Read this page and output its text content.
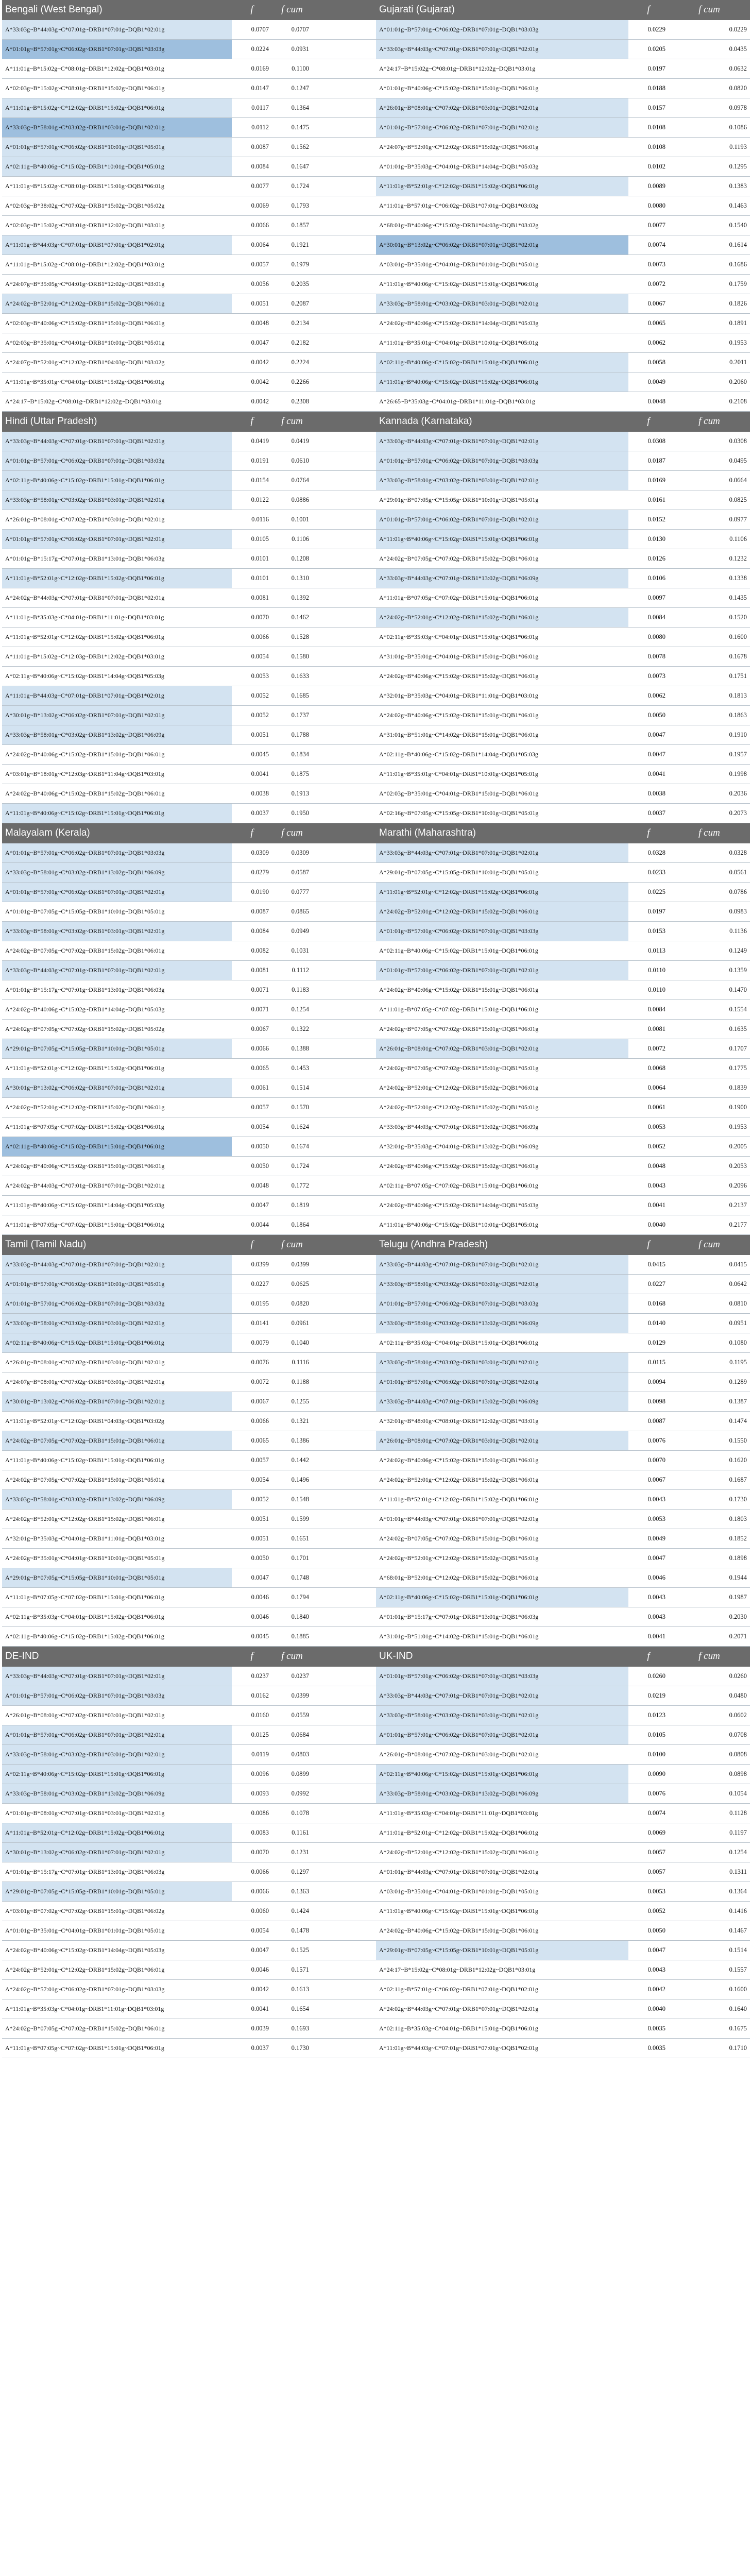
Bengali (West Bengal)	f	f cum		Gujarati (Gujarat)	f	f cum
A*33:03g~B*44:03g~C*07:01g~DRB1*07:01g~DQB1*02:01g	0.0707	0.0707		A*01:01g~B*57:01g~C*06:02g~DRB1*07:01g~DQB1*03:03g	0.0229	0.0229
A*01:01g~B*57:01g~C*06:02g~DRB1*07:01g~DQB1*03:03g	0.0224	0.0931		A*33:03g~B*44:03g~C*07:01g~DRB1*07:01g~DQB1*02:01g	0.0205	0.0435
A*11:01g~B*15:02g~C*08:01g~DRB1*12:02g~DQB1*03:01g	0.0169	0.1100		A*24:17~B*15:02g~C*08:01g~DRB1*12:02g~DQB1*03:01g	0.0197	0.0632
A*02:03g~B*15:02g~C*08:01g~DRB1*15:02g~DQB1*06:01g	0.0147	0.1247		A*01:01g~B*40:06g~C*15:02g~DRB1*15:01g~DQB1*06:01g	0.0188	0.0820
A*11:01g~B*15:02g~C*12:02g~DRB1*15:02g~DQB1*06:01g	0.0117	0.1364		A*26:01g~B*08:01g~C*07:02g~DRB1*03:01g~DQB1*02:01g	0.0157	0.0978
A*33:03g~B*58:01g~C*03:02g~DRB1*03:01g~DQB1*02:01g	0.0112	0.1475		A*01:01g~B*57:01g~C*06:02g~DRB1*07:01g~DQB1*02:01g	0.0108	0.1086
A*01:01g~B*57:01g~C*06:02g~DRB1*10:01g~DQB1*05:01g	0.0087	0.1562		A*24:07g~B*52:01g~C*12:02g~DRB1*15:02g~DQB1*06:01g	0.0108	0.1193
A*02:11g~B*40:06g~C*15:02g~DRB1*10:01g~DQB1*05:01g	0.0084	0.1647		A*01:01g~B*35:03g~C*04:01g~DRB1*14:04g~DQB1*05:03g	0.0102	0.1295
A*11:01g~B*15:02g~C*08:01g~DRB1*15:01g~DQB1*06:01g	0.0077	0.1724		A*11:01g~B*52:01g~C*12:02g~DRB1*15:02g~DQB1*06:01g	0.0089	0.1383
A*02:03g~B*38:02g~C*07:02g~DRB1*15:02g~DQB1*05:02g	0.0069	0.1793		A*11:01g~B*57:01g~C*06:02g~DRB1*07:01g~DQB1*03:03g	0.0080	0.1463
A*02:03g~B*15:02g~C*08:01g~DRB1*12:02g~DQB1*03:01g	0.0066	0.1857		A*68:01g~B*40:06g~C*15:02g~DRB1*04:03g~DQB1*03:02g	0.0077	0.1540
A*11:01g~B*44:03g~C*07:01g~DRB1*07:01g~DQB1*02:01g	0.0064	0.1921		A*30:01g~B*13:02g~C*06:02g~DRB1*07:01g~DQB1*02:01g	0.0074	0.1614
A*11:01g~B*15:02g~C*08:01g~DRB1*12:02g~DQB1*03:01g	0.0057	0.1979		A*03:01g~B*35:01g~C*04:01g~DRB1*01:01g~DQB1*05:01g	0.0073	0.1686
A*24:07g~B*35:05g~C*04:01g~DRB1*12:02g~DQB1*03:01g	0.0056	0.2035		A*11:01g~B*40:06g~C*15:02g~DRB1*15:01g~DQB1*06:01g	0.0072	0.1759
A*24:02g~B*52:01g~C*12:02g~DRB1*15:02g~DQB1*06:01g	0.0051	0.2087		A*33:03g~B*58:01g~C*03:02g~DRB1*03:01g~DQB1*02:01g	0.0067	0.1826
A*02:03g~B*40:06g~C*15:02g~DRB1*15:01g~DQB1*06:01g	0.0048	0.2134		A*24:02g~B*40:06g~C*15:02g~DRB1*14:04g~DQB1*05:03g	0.0065	0.1891
A*02:03g~B*35:01g~C*04:01g~DRB1*10:01g~DQB1*05:01g	0.0047	0.2182		A*11:01g~B*35:01g~C*04:01g~DRB1*10:01g~DQB1*05:01g	0.0062	0.1953
A*24:07g~B*52:01g~C*12:02g~DRB1*04:03g~DQB1*03:02g	0.0042	0.2224		A*02:11g~B*40:06g~C*15:02g~DRB1*15:01g~DQB1*06:01g	0.0058	0.2011
A*11:01g~B*35:01g~C*04:01g~DRB1*15:02g~DQB1*06:01g	0.0042	0.2266		A*11:01g~B*40:06g~C*15:02g~DRB1*15:02g~DQB1*06:01g	0.0049	0.2060
A*24:17~B*15:02g~C*08:01g~DRB1*12:02g~DQB1*03:01g	0.0042	0.2308		A*26:65~B*35:03g~C*04:01g~DRB1*11:01g~DQB1*03:01g	0.0048	0.2108
Hindi (Uttar Pradesh)	f	f cum		Kannada (Karnataka)	f	f cum
A*33:03g~B*44:03g~C*07:01g~DRB1*07:01g~DQB1*02:01g	0.0419	0.0419		A*33:03g~B*44:03g~C*07:01g~DRB1*07:01g~DQB1*02:01g	0.0308	0.0308
A*01:01g~B*57:01g~C*06:02g~DRB1*07:01g~DQB1*03:03g	0.0191	0.0610		A*01:01g~B*57:01g~C*06:02g~DRB1*07:01g~DQB1*03:03g	0.0187	0.0495
A*02:11g~B*40:06g~C*15:02g~DRB1*15:01g~DQB1*06:01g	0.0154	0.0764		A*33:03g~B*58:01g~C*03:02g~DRB1*03:01g~DQB1*02:01g	0.0169	0.0664
A*33:03g~B*58:01g~C*03:02g~DRB1*03:01g~DQB1*02:01g	0.0122	0.0886		A*29:01g~B*07:05g~C*15:05g~DRB1*10:01g~DQB1*05:01g	0.0161	0.0825
A*26:01g~B*08:01g~C*07:02g~DRB1*03:01g~DQB1*02:01g	0.0116	0.1001		A*01:01g~B*57:01g~C*06:02g~DRB1*07:01g~DQB1*02:01g	0.0152	0.0977
A*01:01g~B*57:01g~C*06:02g~DRB1*07:01g~DQB1*02:01g	0.0105	0.1106		A*11:01g~B*40:06g~C*15:02g~DRB1*15:01g~DQB1*06:01g	0.0130	0.1106
A*01:01g~B*15:17g~C*07:01g~DRB1*13:01g~DQB1*06:03g	0.0101	0.1208		A*24:02g~B*07:05g~C*07:02g~DRB1*15:02g~DQB1*06:01g	0.0126	0.1232
A*11:01g~B*52:01g~C*12:02g~DRB1*15:02g~DQB1*06:01g	0.0101	0.1310		A*33:03g~B*44:03g~C*07:01g~DRB1*13:02g~DQB1*06:09g	0.0106	0.1338
A*24:02g~B*44:03g~C*07:01g~DRB1*07:01g~DQB1*02:01g	0.0081	0.1392		A*11:01g~B*07:05g~C*07:02g~DRB1*15:01g~DQB1*06:01g	0.0097	0.1435
A*11:01g~B*35:03g~C*04:01g~DRB1*11:01g~DQB1*03:01g	0.0070	0.1462		A*24:02g~B*52:01g~C*12:02g~DRB1*15:02g~DQB1*06:01g	0.0084	0.1520
A*11:01g~B*52:01g~C*12:02g~DRB1*15:02g~DQB1*06:01g	0.0066	0.1528		A*02:11g~B*35:03g~C*04:01g~DRB1*15:01g~DQB1*06:01g	0.0080	0.1600
A*11:01g~B*15:02g~C*12:03g~DRB1*12:02g~DQB1*03:01g	0.0054	0.1580		A*31:01g~B*35:01g~C*04:01g~DRB1*15:01g~DQB1*06:01g	0.0078	0.1678
A*02:11g~B*40:06g~C*15:02g~DRB1*14:04g~DQB1*05:03g	0.0053	0.1633		A*24:02g~B*40:06g~C*15:02g~DRB1*15:02g~DQB1*06:01g	0.0073	0.1751
A*11:01g~B*44:03g~C*07:01g~DRB1*07:01g~DQB1*02:01g	0.0052	0.1685		A*32:01g~B*35:03g~C*04:01g~DRB1*11:01g~DQB1*03:01g	0.0062	0.1813
A*30:01g~B*13:02g~C*06:02g~DRB1*07:01g~DQB1*02:01g	0.0052	0.1737		A*24:02g~B*40:06g~C*15:02g~DRB1*15:01g~DQB1*06:01g	0.0050	0.1863
A*33:03g~B*58:01g~C*03:02g~DRB1*13:02g~DQB1*06:09g	0.0051	0.1788		A*31:01g~B*51:01g~C*14:02g~DRB1*15:01g~DQB1*06:01g	0.0047	0.1910
A*24:02g~B*40:06g~C*15:02g~DRB1*15:01g~DQB1*06:01g	0.0045	0.1834		A*02:11g~B*40:06g~C*15:02g~DRB1*14:04g~DQB1*05:03g	0.0047	0.1957
A*03:01g~B*18:01g~C*12:03g~DRB1*11:04g~DQB1*03:01g	0.0041	0.1875		A*11:01g~B*35:01g~C*04:01g~DRB1*10:01g~DQB1*05:01g	0.0041	0.1998
A*24:02g~B*40:06g~C*15:02g~DRB1*15:02g~DQB1*06:01g	0.0038	0.1913		A*02:03g~B*35:01g~C*04:01g~DRB1*15:01g~DQB1*06:01g	0.0038	0.2036
A*11:01g~B*40:06g~C*15:02g~DRB1*15:01g~DQB1*06:01g	0.0037	0.1950		A*02:16g~B*07:05g~C*15:05g~DRB1*10:01g~DQB1*05:01g	0.0037	0.2073
Malayalam (Kerala)	f	f cum		Marathi (Maharashtra)	f	f cum
A*01:01g~B*57:01g~C*06:02g~DRB1*07:01g~DQB1*03:03g	0.0309	0.0309		A*33:03g~B*44:03g~C*07:01g~DRB1*07:01g~DQB1*02:01g	0.0328	0.0328
A*33:03g~B*58:01g~C*03:02g~DRB1*13:02g~DQB1*06:09g	0.0279	0.0587		A*29:01g~B*07:05g~C*15:05g~DRB1*10:01g~DQB1*05:01g	0.0233	0.0561
A*01:01g~B*57:01g~C*06:02g~DRB1*07:01g~DQB1*02:01g	0.0190	0.0777		A*11:01g~B*52:01g~C*12:02g~DRB1*15:02g~DQB1*06:01g	0.0225	0.0786
A*01:01g~B*07:05g~C*15:05g~DRB1*10:01g~DQB1*05:01g	0.0087	0.0865		A*24:02g~B*52:01g~C*12:02g~DRB1*15:02g~DQB1*06:01g	0.0197	0.0983
A*33:03g~B*58:01g~C*03:02g~DRB1*03:01g~DQB1*02:01g	0.0084	0.0949		A*01:01g~B*57:01g~C*06:02g~DRB1*07:01g~DQB1*03:03g	0.0153	0.1136
A*24:02g~B*07:05g~C*07:02g~DRB1*15:02g~DQB1*06:01g	0.0082	0.1031		A*02:11g~B*40:06g~C*15:02g~DRB1*15:01g~DQB1*06:01g	0.0113	0.1249
A*33:03g~B*44:03g~C*07:01g~DRB1*07:01g~DQB1*02:01g	0.0081	0.1112		A*01:01g~B*57:01g~C*06:02g~DRB1*07:01g~DQB1*02:01g	0.0110	0.1359
A*01:01g~B*15:17g~C*07:01g~DRB1*13:01g~DQB1*06:03g	0.0071	0.1183		A*24:02g~B*40:06g~C*15:02g~DRB1*15:01g~DQB1*06:01g	0.0110	0.1470
A*24:02g~B*40:06g~C*15:02g~DRB1*14:04g~DQB1*05:03g	0.0071	0.1254		A*11:01g~B*07:05g~C*07:02g~DRB1*15:01g~DQB1*06:01g	0.0084	0.1554
A*24:02g~B*07:05g~C*07:02g~DRB1*15:02g~DQB1*05:02g	0.0067	0.1322		A*24:02g~B*07:05g~C*07:02g~DRB1*15:01g~DQB1*06:01g	0.0081	0.1635
A*29:01g~B*07:05g~C*15:05g~DRB1*10:01g~DQB1*05:01g	0.0066	0.1388		A*26:01g~B*08:01g~C*07:02g~DRB1*03:01g~DQB1*02:01g	0.0072	0.1707
A*11:01g~B*52:01g~C*12:02g~DRB1*15:02g~DQB1*06:01g	0.0065	0.1453		A*24:02g~B*07:05g~C*07:02g~DRB1*15:01g~DQB1*05:01g	0.0068	0.1775
A*30:01g~B*13:02g~C*06:02g~DRB1*07:01g~DQB1*02:01g	0.0061	0.1514		A*24:02g~B*52:01g~C*12:02g~DRB1*15:02g~DQB1*06:01g	0.0064	0.1839
A*24:02g~B*52:01g~C*12:02g~DRB1*15:02g~DQB1*06:01g	0.0057	0.1570		A*24:02g~B*52:01g~C*12:02g~DRB1*15:02g~DQB1*05:01g	0.0061	0.1900
A*11:01g~B*07:05g~C*07:02g~DRB1*15:02g~DQB1*06:01g	0.0054	0.1624		A*33:03g~B*44:03g~C*07:01g~DRB1*13:02g~DQB1*06:09g	0.0053	0.1953
A*02:11g~B*40:06g~C*15:02g~DRB1*15:01g~DQB1*06:01g	0.0050	0.1674		A*32:01g~B*35:03g~C*04:01g~DRB1*13:02g~DQB1*06:09g	0.0052	0.2005
A*24:02g~B*40:06g~C*15:02g~DRB1*15:01g~DQB1*06:01g	0.0050	0.1724		A*24:02g~B*40:06g~C*15:02g~DRB1*15:02g~DQB1*06:01g	0.0048	0.2053
A*24:02g~B*44:03g~C*07:01g~DRB1*07:01g~DQB1*02:01g	0.0048	0.1772		A*02:11g~B*07:05g~C*07:02g~DRB1*15:01g~DQB1*06:01g	0.0043	0.2096
A*11:01g~B*40:06g~C*15:02g~DRB1*14:04g~DQB1*05:03g	0.0047	0.1819		A*24:02g~B*40:06g~C*15:02g~DRB1*14:04g~DQB1*05:03g	0.0041	0.2137
A*11:01g~B*07:05g~C*07:02g~DRB1*15:01g~DQB1*06:01g	0.0044	0.1864		A*11:01g~B*40:06g~C*15:02g~DRB1*10:01g~DQB1*05:01g	0.0040	0.2177
Tamil (Tamil Nadu)	f	f cum		Telugu (Andhra Pradesh)	f	f cum
A*33:03g~B*44:03g~C*07:01g~DRB1*07:01g~DQB1*02:01g	0.0399	0.0399		A*33:03g~B*44:03g~C*07:01g~DRB1*07:01g~DQB1*02:01g	0.0415	0.0415
A*01:01g~B*57:01g~C*06:02g~DRB1*10:01g~DQB1*05:01g	0.0227	0.0625		A*33:03g~B*58:01g~C*03:02g~DRB1*03:01g~DQB1*02:01g	0.0227	0.0642
A*01:01g~B*57:01g~C*06:02g~DRB1*07:01g~DQB1*03:03g	0.0195	0.0820		A*01:01g~B*57:01g~C*06:02g~DRB1*07:01g~DQB1*03:03g	0.0168	0.0810
A*33:03g~B*58:01g~C*03:02g~DRB1*03:01g~DQB1*02:01g	0.0141	0.0961		A*33:03g~B*58:01g~C*03:02g~DRB1*13:02g~DQB1*06:09g	0.0140	0.0951
A*02:11g~B*40:06g~C*15:02g~DRB1*15:01g~DQB1*06:01g	0.0079	0.1040		A*02:11g~B*35:03g~C*04:01g~DRB1*15:01g~DQB1*06:01g	0.0129	0.1080
A*26:01g~B*08:01g~C*07:02g~DRB1*03:01g~DQB1*02:01g	0.0076	0.1116		A*33:03g~B*58:01g~C*03:02g~DRB1*03:01g~DQB1*02:01g	0.0115	0.1195
A*24:07g~B*08:01g~C*07:02g~DRB1*03:01g~DQB1*02:01g	0.0072	0.1188		A*01:01g~B*57:01g~C*06:02g~DRB1*07:01g~DQB1*02:01g	0.0094	0.1289
A*30:01g~B*13:02g~C*06:02g~DRB1*07:01g~DQB1*02:01g	0.0067	0.1255		A*33:03g~B*44:03g~C*07:01g~DRB1*13:02g~DQB1*06:09g	0.0098	0.1387
A*11:01g~B*52:01g~C*12:02g~DRB1*04:03g~DQB1*03:02g	0.0066	0.1321		A*32:01g~B*48:01g~C*08:01g~DRB1*12:02g~DQB1*03:01g	0.0087	0.1474
A*24:02g~B*07:05g~C*07:02g~DRB1*15:01g~DQB1*06:01g	0.0065	0.1386		A*26:01g~B*08:01g~C*07:02g~DRB1*03:01g~DQB1*02:01g	0.0076	0.1550
A*11:01g~B*40:06g~C*15:02g~DRB1*15:01g~DQB1*06:01g	0.0057	0.1442		A*24:02g~B*40:06g~C*15:02g~DRB1*15:01g~DQB1*06:01g	0.0070	0.1620
A*24:02g~B*07:05g~C*07:02g~DRB1*15:01g~DQB1*05:01g	0.0054	0.1496		A*24:02g~B*52:01g~C*12:02g~DRB1*15:02g~DQB1*06:01g	0.0067	0.1687
A*33:03g~B*58:01g~C*03:02g~DRB1*13:02g~DQB1*06:09g	0.0052	0.1548		A*11:01g~B*52:01g~C*12:02g~DRB1*15:02g~DQB1*06:01g	0.0043	0.1730
A*24:02g~B*52:01g~C*12:02g~DRB1*15:02g~DQB1*06:01g	0.0051	0.1599		A*01:01g~B*44:03g~C*07:01g~DRB1*07:01g~DQB1*02:01g	0.0053	0.1803
A*32:01g~B*35:03g~C*04:01g~DRB1*11:01g~DQB1*03:01g	0.0051	0.1651		A*24:02g~B*07:05g~C*07:02g~DRB1*15:01g~DQB1*06:01g	0.0049	0.1852
A*24:02g~B*35:01g~C*04:01g~DRB1*10:01g~DQB1*05:01g	0.0050	0.1701		A*24:02g~B*52:01g~C*12:02g~DRB1*15:02g~DQB1*05:01g	0.0047	0.1898
A*29:01g~B*07:05g~C*15:05g~DRB1*10:01g~DQB1*05:01g	0.0047	0.1748		A*68:01g~B*52:01g~C*12:02g~DRB1*15:02g~DQB1*06:01g	0.0046	0.1944
A*11:01g~B*07:05g~C*07:02g~DRB1*15:01g~DQB1*06:01g	0.0046	0.1794		A*02:11g~B*40:06g~C*15:02g~DRB1*15:01g~DQB1*06:01g	0.0043	0.1987
A*02:11g~B*35:03g~C*04:01g~DRB1*15:02g~DQB1*06:01g	0.0046	0.1840		A*01:01g~B*15:17g~C*07:01g~DRB1*13:01g~DQB1*06:03g	0.0043	0.2030
A*02:11g~B*40:06g~C*15:02g~DRB1*15:02g~DQB1*06:01g	0.0045	0.1885		A*31:01g~B*51:01g~C*14:02g~DRB1*15:01g~DQB1*06:01g	0.0041	0.2071
DE-IND	f	f cum		UK-IND	f	f cum
A*33:03g~B*44:03g~C*07:01g~DRB1*07:01g~DQB1*02:01g	0.0237	0.0237		A*01:01g~B*57:01g~C*06:02g~DRB1*07:01g~DQB1*03:03g	0.0260	0.0260
A*01:01g~B*57:01g~C*06:02g~DRB1*07:01g~DQB1*03:03g	0.0162	0.0399		A*33:03g~B*44:03g~C*07:01g~DRB1*07:01g~DQB1*02:01g	0.0219	0.0480
A*26:01g~B*08:01g~C*07:02g~DRB1*03:01g~DQB1*02:01g	0.0160	0.0559		A*33:03g~B*58:01g~C*03:02g~DRB1*03:01g~DQB1*02:01g	0.0123	0.0602
A*01:01g~B*57:01g~C*06:02g~DRB1*07:01g~DQB1*02:01g	0.0125	0.0684		A*01:01g~B*57:01g~C*06:02g~DRB1*07:01g~DQB1*02:01g	0.0105	0.0708
A*33:03g~B*58:01g~C*03:02g~DRB1*03:01g~DQB1*02:01g	0.0119	0.0803		A*26:01g~B*08:01g~C*07:02g~DRB1*03:01g~DQB1*02:01g	0.0100	0.0808
A*02:11g~B*40:06g~C*15:02g~DRB1*15:01g~DQB1*06:01g	0.0096	0.0899		A*02:11g~B*40:06g~C*15:02g~DRB1*15:01g~DQB1*06:01g	0.0090	0.0898
A*33:03g~B*58:01g~C*03:02g~DRB1*13:02g~DQB1*06:09g	0.0093	0.0992		A*33:03g~B*58:01g~C*03:02g~DRB1*13:02g~DQB1*06:09g	0.0076	0.1054
A*01:01g~B*08:01g~C*07:01g~DRB1*03:01g~DQB1*02:01g	0.0086	0.1078		A*11:01g~B*35:03g~C*04:01g~DRB1*11:01g~DQB1*03:01g	0.0074	0.1128
A*11:01g~B*52:01g~C*12:02g~DRB1*15:02g~DQB1*06:01g	0.0083	0.1161		A*11:01g~B*52:01g~C*12:02g~DRB1*15:02g~DQB1*06:01g	0.0069	0.1197
A*30:01g~B*13:02g~C*06:02g~DRB1*07:01g~DQB1*02:01g	0.0070	0.1231		A*24:02g~B*52:01g~C*12:02g~DRB1*15:02g~DQB1*06:01g	0.0057	0.1254
A*01:01g~B*15:17g~C*07:01g~DRB1*13:01g~DQB1*06:03g	0.0066	0.1297		A*01:01g~B*44:03g~C*07:01g~DRB1*07:01g~DQB1*02:01g	0.0057	0.1311
A*29:01g~B*07:05g~C*15:05g~DRB1*10:01g~DQB1*05:01g	0.0066	0.1363		A*03:01g~B*35:01g~C*04:01g~DRB1*01:01g~DQB1*05:01g	0.0053	0.1364
A*03:01g~B*07:02g~C*07:02g~DRB1*15:01g~DQB1*06:02g	0.0060	0.1424		A*11:01g~B*40:06g~C*15:02g~DRB1*15:01g~DQB1*06:01g	0.0052	0.1416
A*01:01g~B*35:01g~C*04:01g~DRB1*01:01g~DQB1*05:01g	0.0054	0.1478		A*24:02g~B*40:06g~C*15:02g~DRB1*15:01g~DQB1*06:01g	0.0050	0.1467
A*24:02g~B*40:06g~C*15:02g~DRB1*14:04g~DQB1*05:03g	0.0047	0.1525		A*29:01g~B*07:05g~C*15:05g~DRB1*10:01g~DQB1*05:01g	0.0047	0.1514
A*24:02g~B*52:01g~C*12:02g~DRB1*15:02g~DQB1*06:01g	0.0046	0.1571		A*24:17~B*15:02g~C*08:01g~DRB1*12:02g~DQB1*03:01g	0.0043	0.1557
A*24:02g~B*57:01g~C*06:02g~DRB1*07:01g~DQB1*03:03g	0.0042	0.1613		A*02:11g~B*57:01g~C*06:02g~DRB1*07:01g~DQB1*02:01g	0.0042	0.1600
A*11:01g~B*35:03g~C*04:01g~DRB1*11:01g~DQB1*03:01g	0.0041	0.1654		A*24:02g~B*44:03g~C*07:01g~DRB1*07:01g~DQB1*02:01g	0.0040	0.1640
A*24:02g~B*07:05g~C*07:02g~DRB1*15:02g~DQB1*06:01g	0.0039	0.1693		A*02:11g~B*35:03g~C*04:01g~DRB1*15:01g~DQB1*06:01g	0.0035	0.1675
A*11:01g~B*07:05g~C*07:02g~DRB1*15:01g~DQB1*06:01g	0.0037	0.1730		A*11:01g~B*44:03g~C*07:01g~DRB1*07:01g~DQB1*02:01g	0.0035	0.1710
